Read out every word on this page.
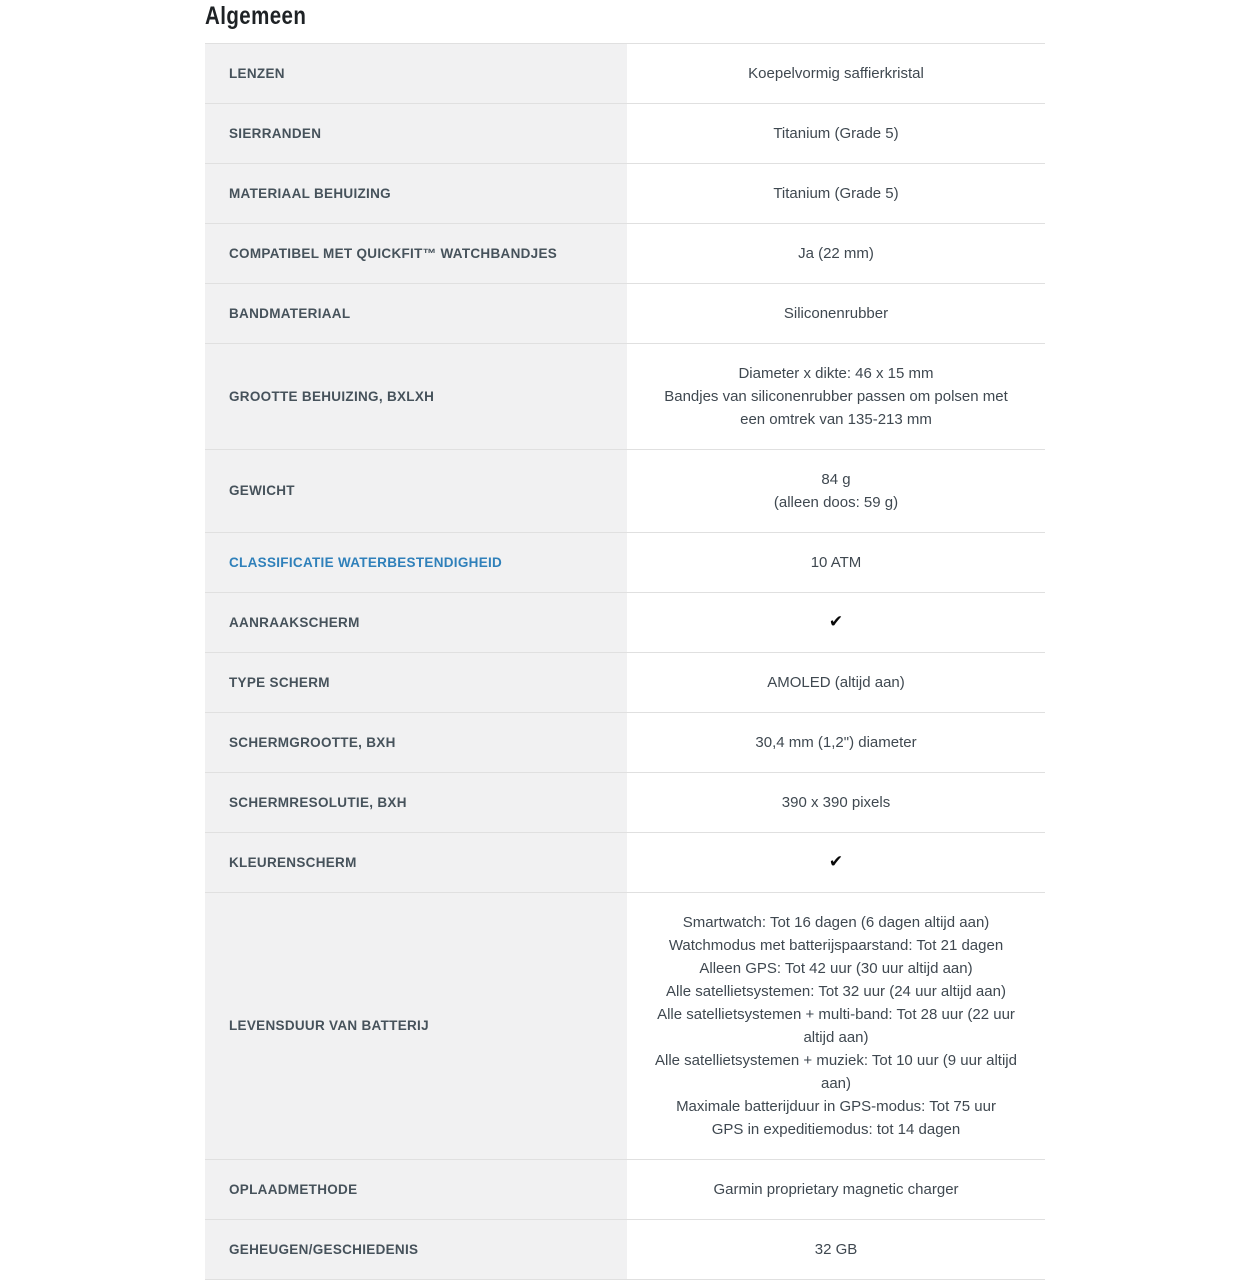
Algemeen
LENZEN	Koepelvormig saffierkristal

SIERRANDEN	Titanium (Grade 5)

MATERIAAL BEHUIZING	Titanium (Grade 5)

COMPATIBEL MET QUICKFIT™ WATCHBANDJES	Ja (22 mm)

BANDMATERIAAL	Siliconenrubber

GROOTTE BEHUIZING, BXLXH	Diameter x dikte: 46 x 15 mm
Bandjes van siliconenrubber passen om polsen met een omtrek van 135-213 mm

GEWICHT	84 g
(alleen doos: 59 g)

CLASSIFICATIE WATERBESTENDIGHEID	10 ATM

AANRAAKSCHERM	✔
TYPE SCHERM	AMOLED (altijd aan)

SCHERMGROOTTE, BXH	30,4 mm (1,2") diameter

SCHERMRESOLUTIE, BXH	390 x 390 pixels

KLEURENSCHERM	✔
LEVENSDUUR VAN BATTERIJ	
Smartwatch: Tot 16 dagen (6 dagen altijd aan)
Watchmodus met batterijspaarstand: Tot 21 dagen
Alleen GPS: Tot 42 uur (30 uur altijd aan)
Alle satellietsystemen: Tot 32 uur (24 uur altijd aan)
Alle satellietsystemen + multi-band: Tot 28 uur (22 uur altijd aan)
Alle satellietsystemen + muziek: Tot 10 uur (9 uur altijd aan)
Maximale batterijduur in GPS-modus: Tot 75 uur
GPS in expeditiemodus: tot 14 dagen

OPLAADMETHODE	Garmin proprietary magnetic charger

GEHEUGEN/GESCHIEDENIS	32 GB
